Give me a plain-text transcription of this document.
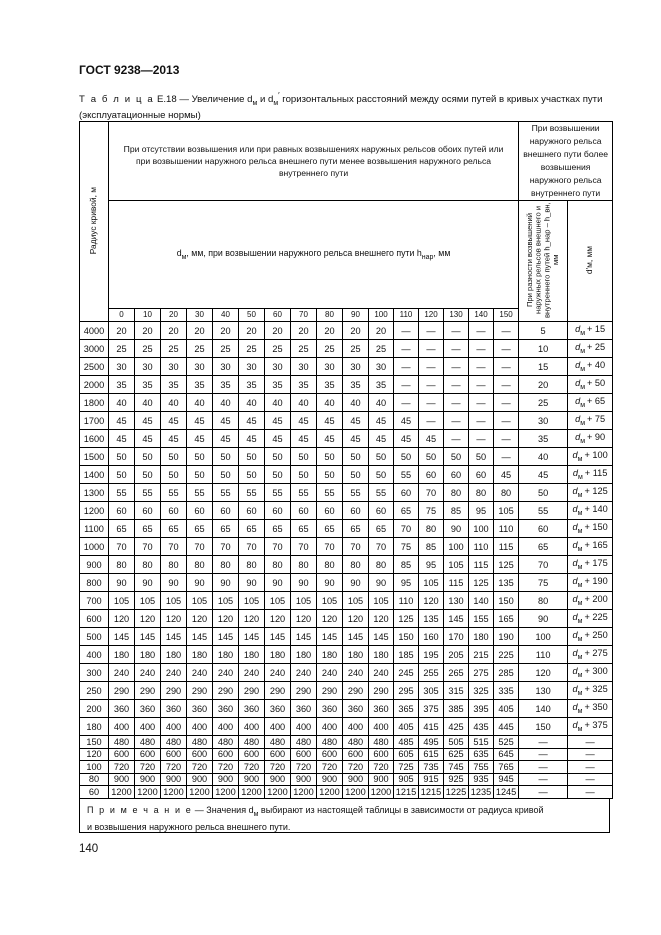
ГОСТ 9238—2013
Т а б л и ц а Е.18 — Увеличение $d_м$ и $d_м'$ горизонтальных расстояний между осями путей в кривых участках пути (эксплуатационные нормы)
Радиус кривой, м	При отсутствии возвышения или при равных возвышениях наружных рельсов обоих путей или при возвышении наружного рельса внешнего пути менее возвышения наружного рельса внутреннего пути																При возвышении наружного рельса внешнего пути более возвышения наружного рельса внутреннего пути	
	$d_м$, мм, при возвышении наружного рельса внешнего пути $h_{нар}$, мм																При разности возвышений наружных рельсов внешнего и внутреннего путей h_нар – h_вн, мм	d′м, мм
	0	10	20	30	40	50	60	70	80	90	100	110	120	130	140	150		
4000	20	20	20	20	20	20	20	20	20	20	20	—	—	—	—	—	5	$d_м + 15$
3000	25	25	25	25	25	25	25	25	25	25	25	—	—	—	—	—	10	$d_м + 25$
2500	30	30	30	30	30	30	30	30	30	30	30	—	—	—	—	—	15	$d_м + 40$
2000	35	35	35	35	35	35	35	35	35	35	35	—	—	—	—	—	20	$d_м + 50$
1800	40	40	40	40	40	40	40	40	40	40	40	—	—	—	—	—	25	$d_м + 65$
1700	45	45	45	45	45	45	45	45	45	45	45	45	—	—	—	—	30	$d_м + 75$
1600	45	45	45	45	45	45	45	45	45	45	45	45	45	—	—	—	35	$d_м + 90$
1500	50	50	50	50	50	50	50	50	50	50	50	50	50	50	50	—	40	$d_м + 100$
1400	50	50	50	50	50	50	50	50	50	50	50	55	60	60	60	45	45	$d_м + 115$
1300	55	55	55	55	55	55	55	55	55	55	55	60	70	80	80	80	50	$d_м + 125$
1200	60	60	60	60	60	60	60	60	60	60	60	65	75	85	95	105	55	$d_м + 140$
1100	65	65	65	65	65	65	65	65	65	65	65	70	80	90	100	110	60	$d_м + 150$
1000	70	70	70	70	70	70	70	70	70	70	70	75	85	100	110	115	65	$d_м + 165$
900	80	80	80	80	80	80	80	80	80	80	80	85	95	105	115	125	70	$d_м + 175$
800	90	90	90	90	90	90	90	90	90	90	90	95	105	115	125	135	75	$d_м + 190$
700	105	105	105	105	105	105	105	105	105	105	105	110	120	130	140	150	80	$d_м + 200$
600	120	120	120	120	120	120	120	120	120	120	120	125	135	145	155	165	90	$d_м + 225$
500	145	145	145	145	145	145	145	145	145	145	145	150	160	170	180	190	100	$d_м + 250$
400	180	180	180	180	180	180	180	180	180	180	180	185	195	205	215	225	110	$d_м + 275$
300	240	240	240	240	240	240	240	240	240	240	240	245	255	265	275	285	120	$d_м + 300$
250	290	290	290	290	290	290	290	290	290	290	290	295	305	315	325	335	130	$d_м + 325$
200	360	360	360	360	360	360	360	360	360	360	360	365	375	385	395	405	140	$d_м + 350$
180	400	400	400	400	400	400	400	400	400	400	400	405	415	425	435	445	150	$d_м + 375$
150	480	480	480	480	480	480	480	480	480	480	480	485	495	505	515	525	—	—
120	600	600	600	600	600	600	600	600	600	600	600	605	615	625	635	645	—	—
100	720	720	720	720	720	720	720	720	720	720	720	725	735	745	755	765	—	—
80	900	900	900	900	900	900	900	900	900	900	900	905	915	925	935	945	—	—
60	1200	1200	1200	1200	1200	1200	1200	1200	1200	1200	1200	1215	1215	1225	1235	1245	—	—
П р и м е ч а н и е — Значения $d_м$ выбирают из настоящей таблицы в зависимости от радиуса кривой
и возвышения наружного рельса внешнего пути.
140
